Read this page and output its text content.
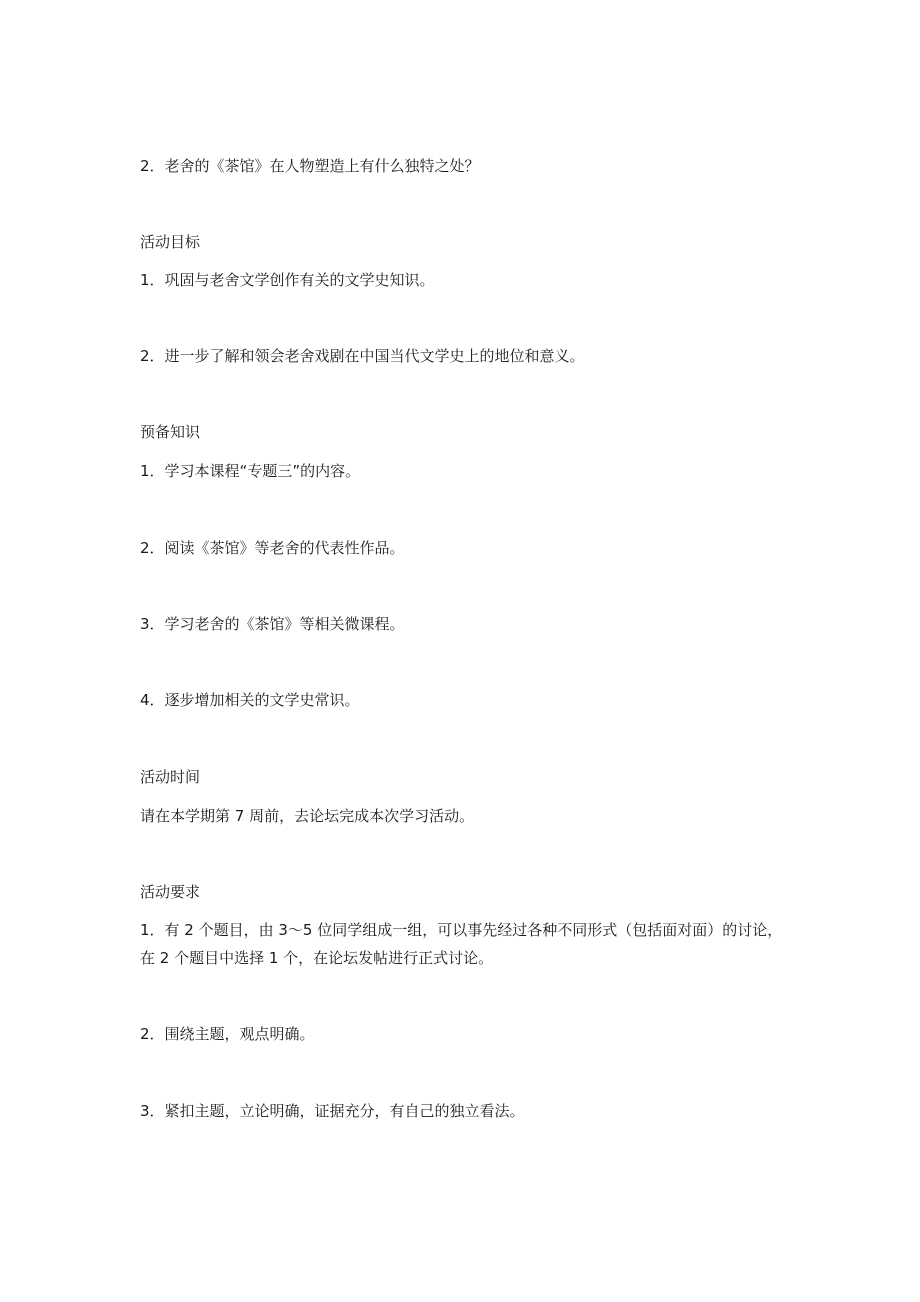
2．老舍的《茶馆》在人物塑造上有什么独特之处？
活动目标
1．巩固与老舍文学创作有关的文学史知识。
2．进一步了解和领会老舍戏剧在中国当代文学史上的地位和意义。
预备知识
1．学习本课程“专题三”的内容。
2．阅读《茶馆》等老舍的代表性作品。
3．学习老舍的《茶馆》等相关微课程。
4．逐步增加相关的文学史常识。
活动时间
请在本学期第 7 周前，去论坛完成本次学习活动。
活动要求
1．有 2 个题目，由 3～5 位同学组成一组，可以事先经过各种不同形式（包括面对面）的讨论，在 2 个题目中选择 1 个，在论坛发帖进行正式讨论。
2．围绕主题，观点明确。
3．紧扣主题，立论明确，证据充分，有自己的独立看法。
